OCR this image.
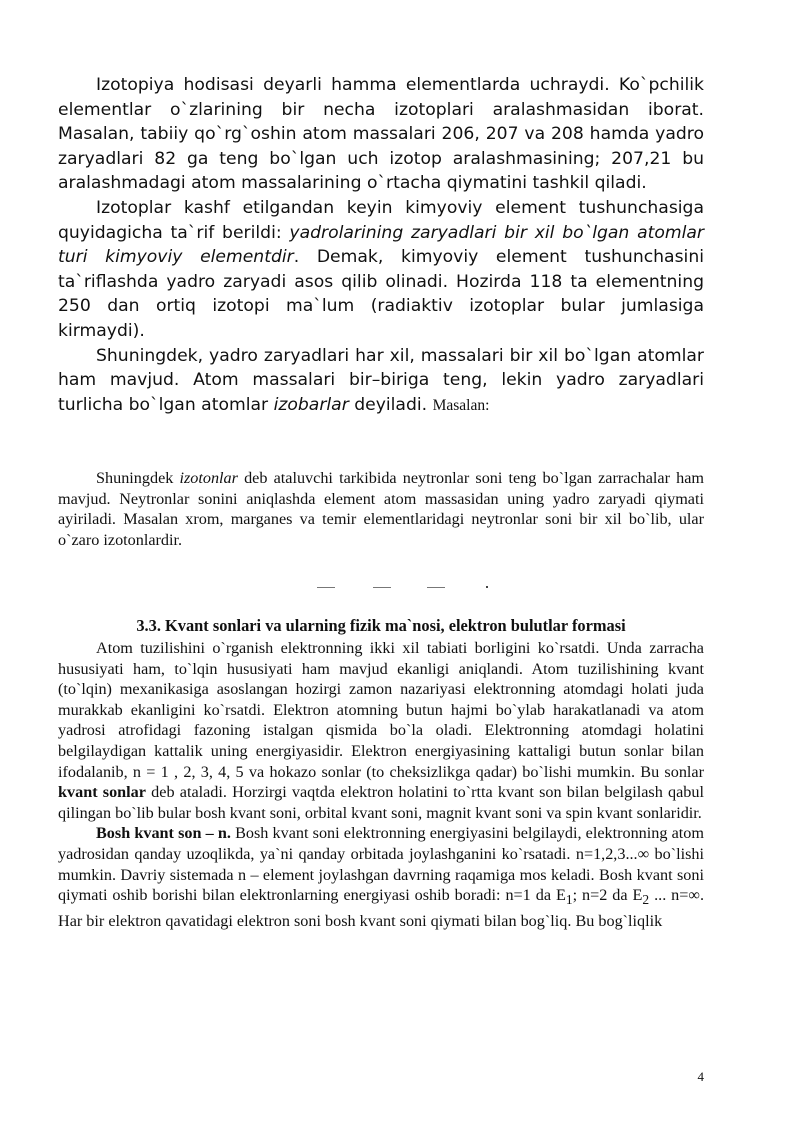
Izotopiya hodisasi deyarli hamma elementlarda uchraydi. Ko`pchilik elementlar o`zlarining bir necha izotoplari aralashmasidan iborat. Masalan, tabiiy qo`rg`oshin atom massalari 206, 207 va 208 hamda yadro zaryadlari 82 ga teng bo`lgan uch izotop aralashmasining; 207,21 bu aralashmadagi atom massalarining o`rtacha qiymatini tashkil qiladi.

Izotoplar kashf etilgandan keyin kimyoviy element tushunchasiga quyidagicha ta`rif berildi: yadrolarining zaryadlari bir xil bo`lgan atomlar turi kimyoviy elementdir. Demak, kimyoviy element tushunchasini ta`riflashda yadro zaryadi asos qilib olinadi. Hozirda 118 ta elementning 250 dan ortiq izotopi ma`lum (radiaktiv izotoplar bular jumlasiga kirmaydi).

Shuningdek, yadro zaryadlari har xil, massalari bir xil bo`lgan atomlar ham mavjud. Atom massalari bir–biriga teng, lekin yadro zaryadlari turlicha bo`lgan atomlar izobarlar deyiladi. Masalan:

Shuningdek izotonlar deb ataluvchi tarkibida neytronlar soni teng bo`lgan zarrachalar ham mavjud. Neytronlar sonini aniqlashda element atom massasidan uning yadro zaryadi qiymati ayiriladi. Masalan xrom, marganes va temir elementlaridagi neytronlar soni bir xil bo`lib, ular o`zaro izotonlardir.

3.3. Kvant sonlari va ularning fizik ma`nosi, elektron bulutlar formasi

Atom tuzilishini o`rganish elektronning ikki xil tabiati borligini ko`rsatdi. Unda zarracha hususiyati ham, to`lqin hususiyati ham mavjud ekanligi aniqlandi. Atom tuzilishining kvant (to`lqin) mexanikasiga asoslangan hozirgi zamon nazariyasi elektronning atomdagi holati juda murakkab ekanligini ko`rsatdi. Elektron atomning butun hajmi bo`ylab harakatlanadi va atom yadrosi atrofidagi fazoning istalgan qismida bo`la oladi. Elektronning atomdagi holatini belgilaydigan kattalik uning energiyasidir. Elektron energiyasining kattaligi butun sonlar bilan ifodalanib, n = 1 , 2, 3, 4, 5 va hokazo sonlar (to cheksizlikga qadar) bo`lishi mumkin. Bu sonlar kvant sonlar deb ataladi. Horzirgi vaqtda elektron holatini to`rtta kvant son bilan belgilash qabul qilingan bo`lib bular bosh kvant soni, orbital kvant soni, magnit kvant soni va spin kvant sonlaridir.

Bosh kvant son – n. Bosh kvant soni elektronning energiyasini belgilaydi, elektronning atom yadrosidan qanday uzoqlikda, ya`ni qanday orbitada joylashganini ko`rsatadi. n=1,2,3...∞ bo`lishi mumkin. Davriy sistemada n – element joylashgan davrning raqamiga mos keladi. Bosh kvant soni qiymati oshib borishi bilan elektronlarning energiyasi oshib boradi: n=1 da $E_1$; n=2 da $E_2$ ... n=∞. Har bir elektron qavatidagi elektron soni bosh kvant soni qiymati bilan bog`liq. Bu bog`liqlik

4
